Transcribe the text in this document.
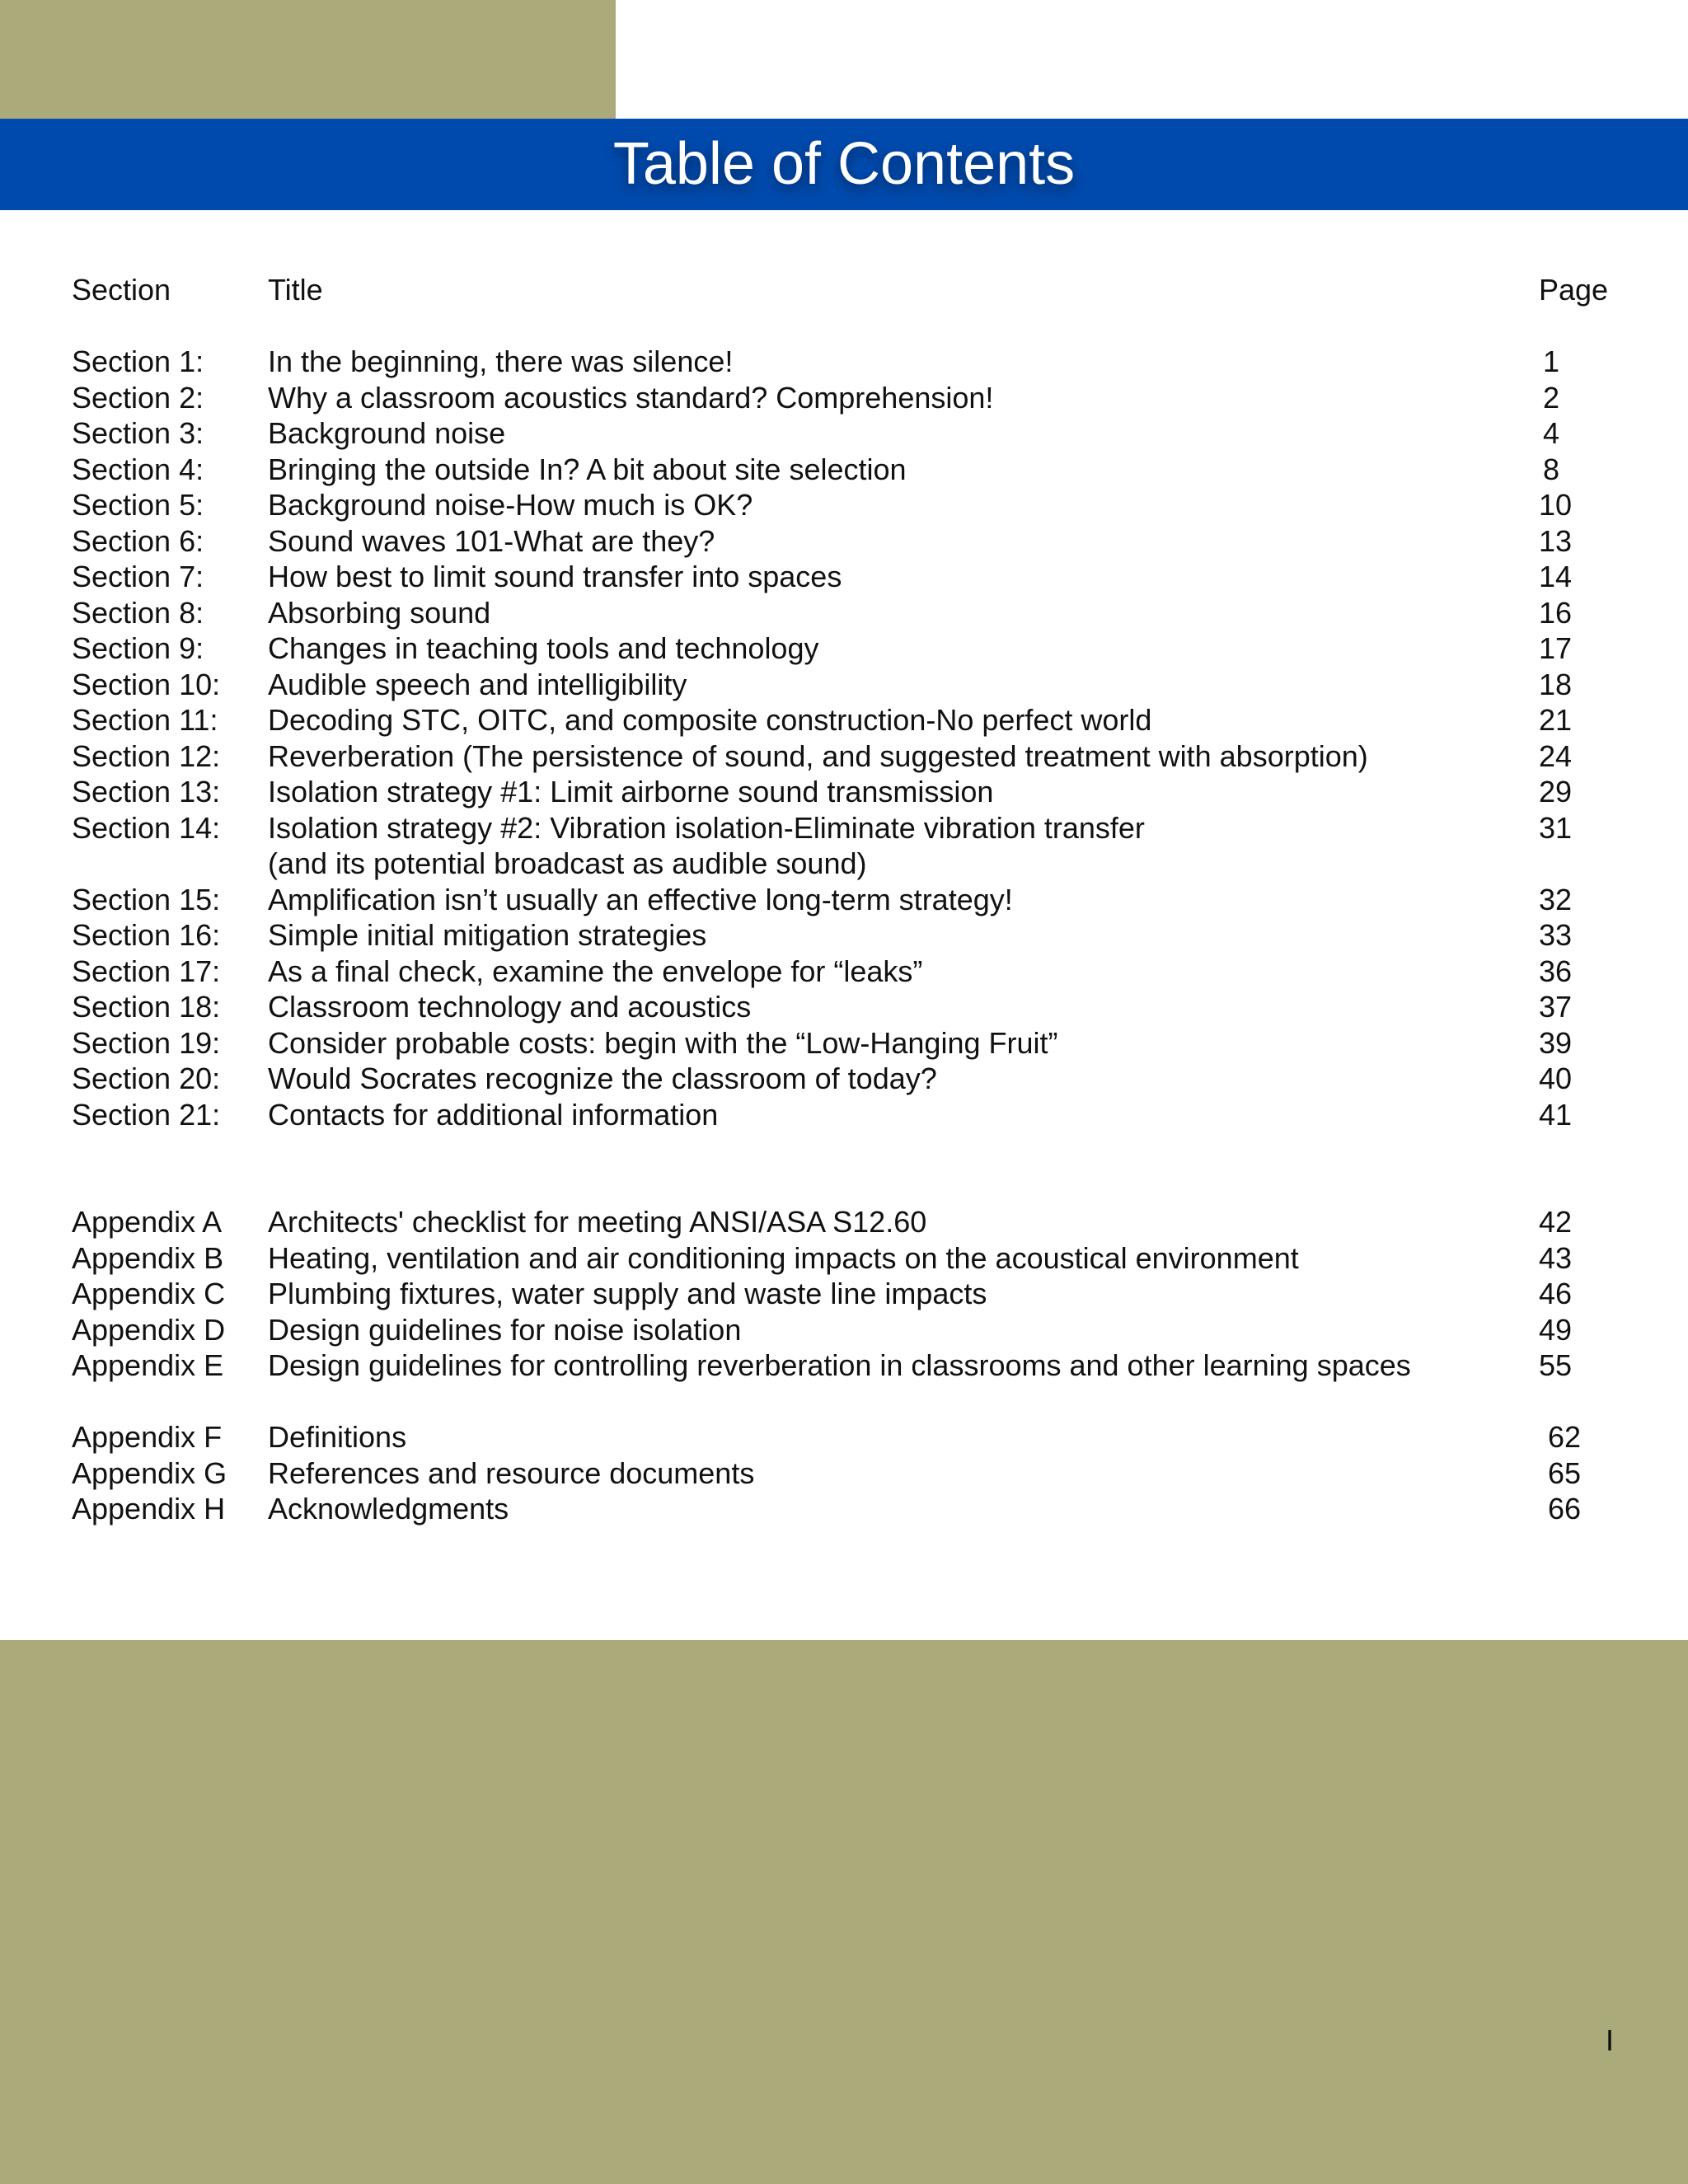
Table of Contents
Section	Title	Page
Section 1: In the beginning, there was silence!	1
Section 2: Why a classroom acoustics standard? Comprehension!	2
Section 3: Background noise	4
Section 4: Bringing the outside In? A bit about site selection	8
Section 5: Background noise-How much is OK?	10
Section 6: Sound waves 101-What are they?	13
Section 7: How best to limit sound transfer into spaces	14
Section 8: Absorbing sound	16
Section 9: Changes in teaching tools and technology	17
Section 10: Audible speech and intelligibility	18
Section 11: Decoding STC, OITC, and composite construction-No perfect world	21
Section 12: Reverberation (The persistence of sound, and suggested treatment with absorption)	24
Section 13: Isolation strategy #1: Limit airborne sound transmission	29
Section 14: Isolation strategy #2: Vibration isolation-Eliminate vibration transfer	31
(and its potential broadcast as audible sound)
Section 15: Amplification isn’t usually an effective long-term strategy!	32
Section 16: Simple initial mitigation strategies	33
Section 17: As a final check, examine the envelope for “leaks”	36
Section 18: Classroom technology and acoustics	37
Section 19: Consider probable costs: begin with the “Low-Hanging Fruit”	39
Section 20: Would Socrates recognize the classroom of today?	40
Section 21: Contacts for additional information	41
Appendix A Architects' checklist for meeting ANSI/ASA S12.60	42
Appendix B Heating, ventilation and air conditioning impacts on the acoustical environment	43
Appendix C Plumbing fixtures, water supply and waste line impacts	46
Appendix D Design guidelines for noise isolation	49
Appendix E Design guidelines for controlling reverberation in classrooms and other learning spaces	55
Appendix F Definitions	62
Appendix G References and resource documents	65
Appendix H Acknowledgments	66
I
